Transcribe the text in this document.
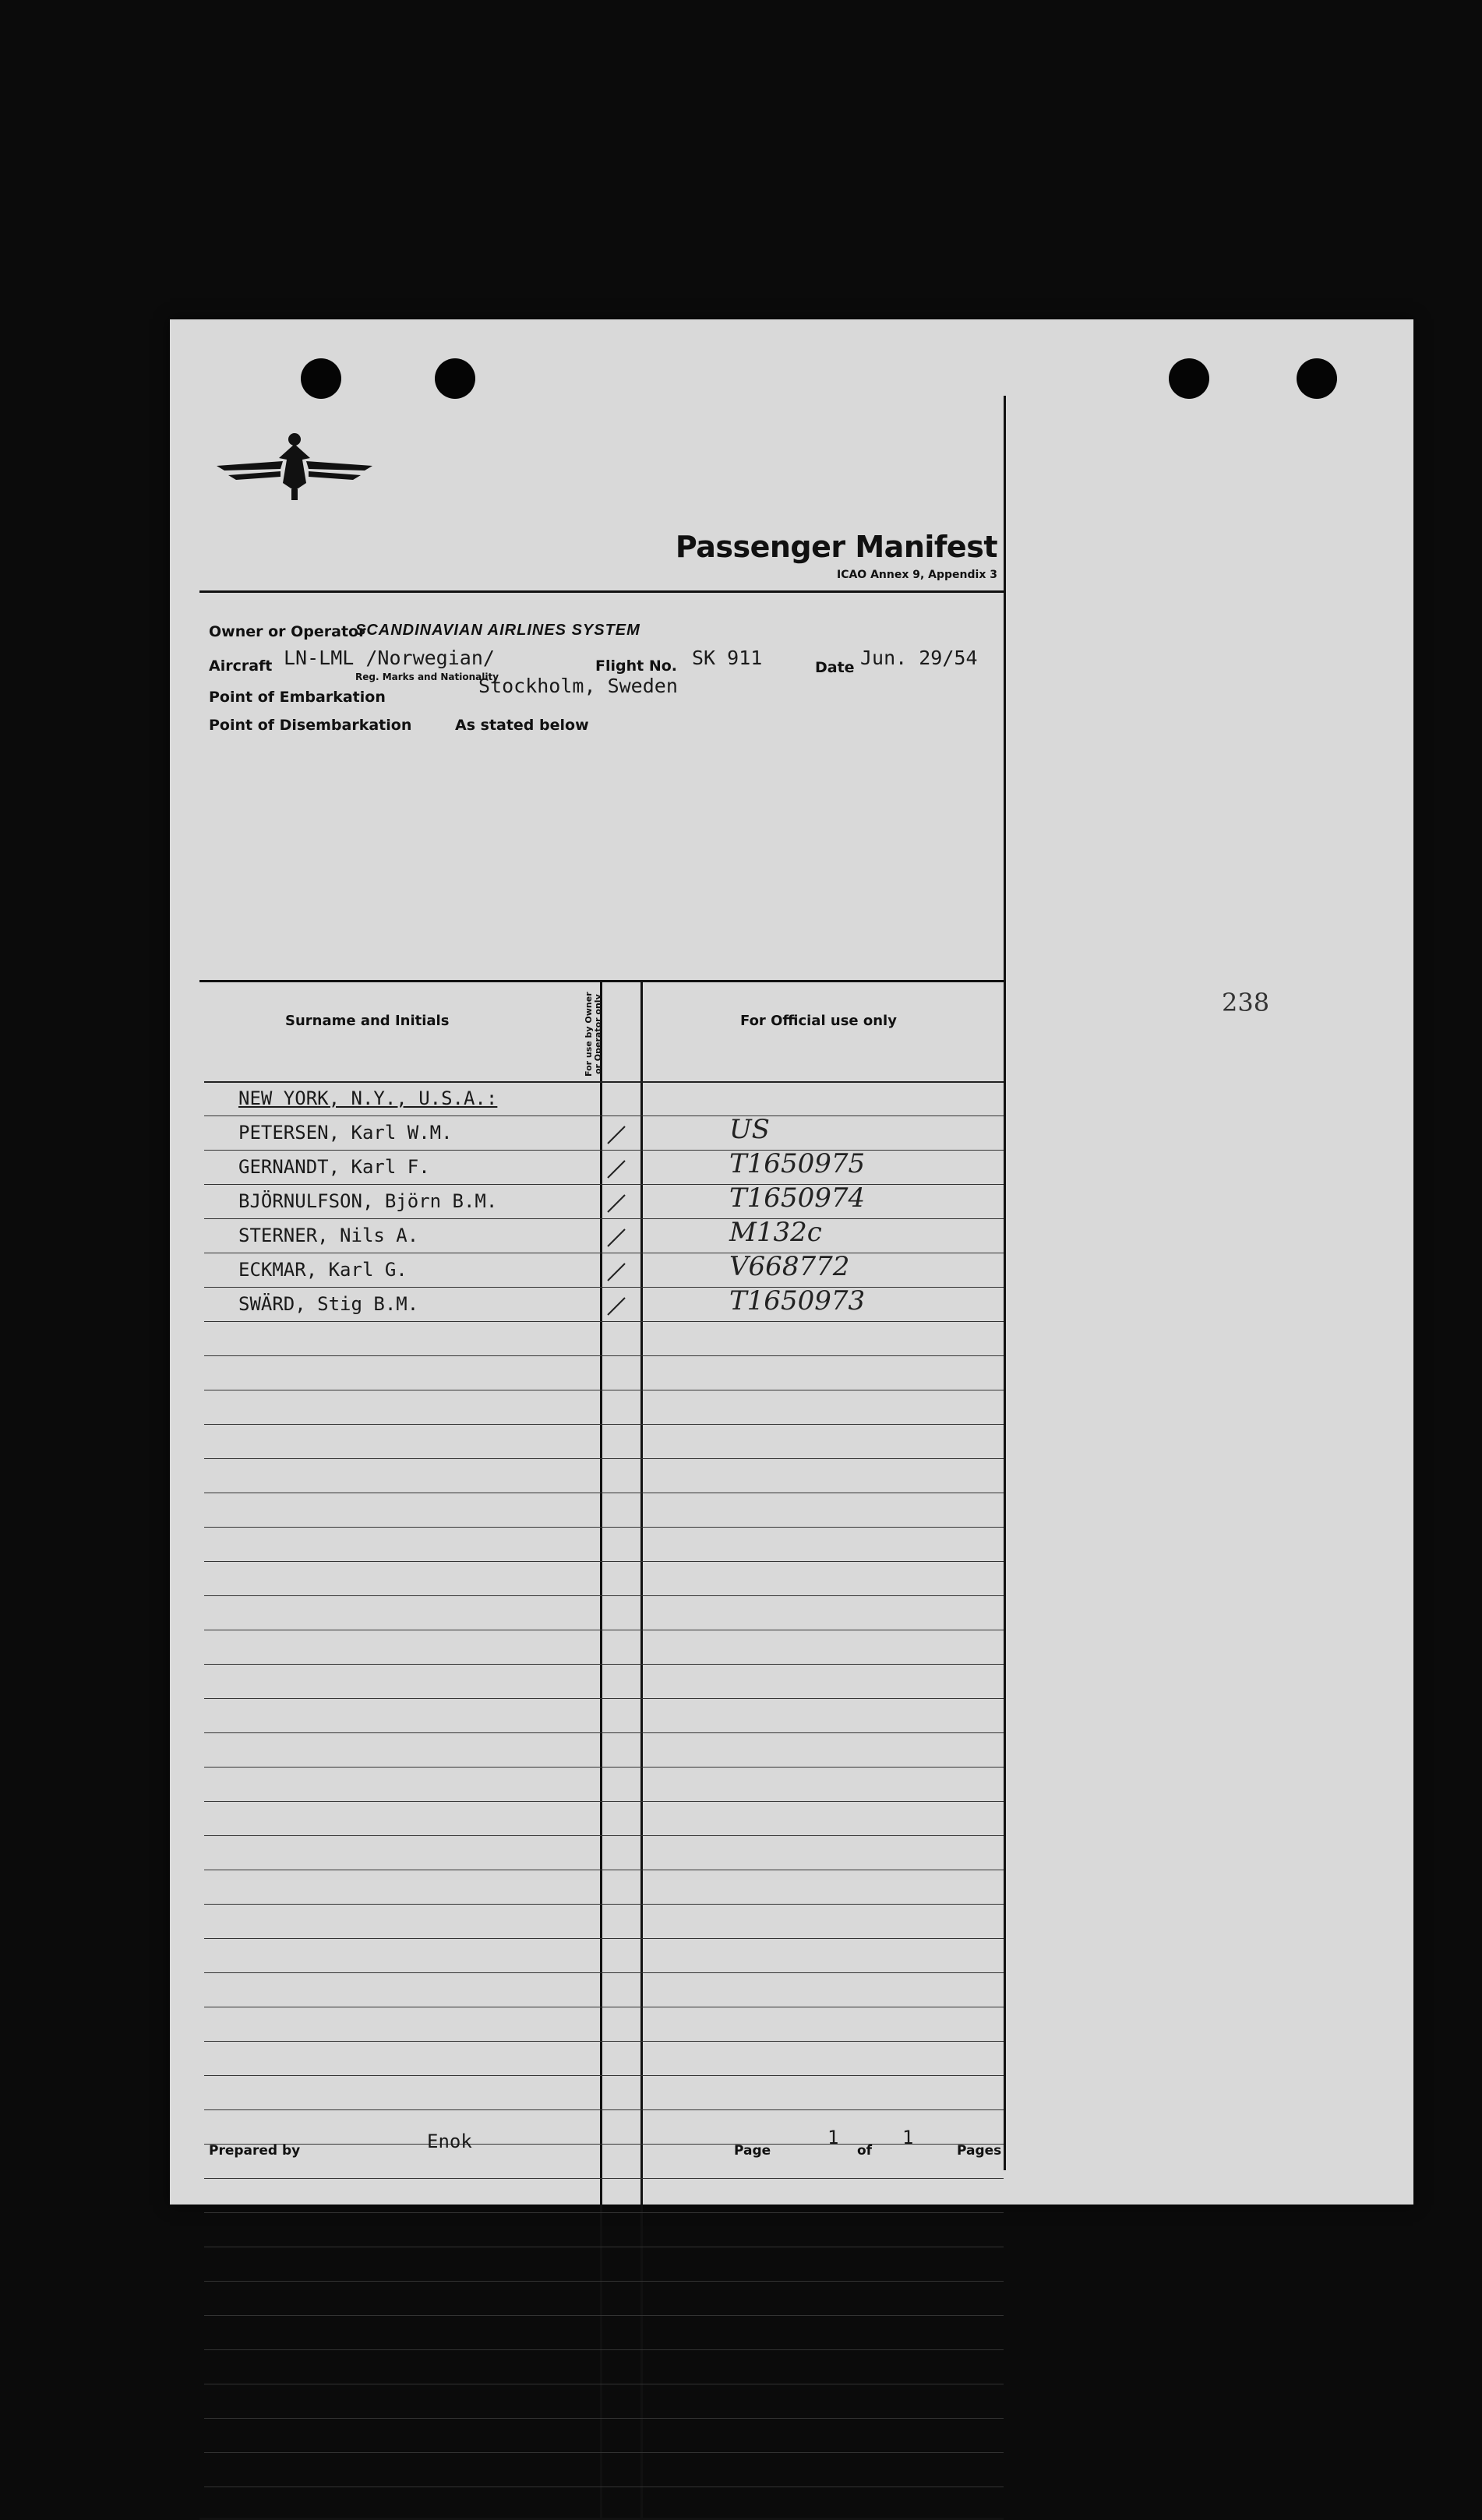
Passenger Manifest
ICAO Annex 9, Appendix 3
Owner or Operator
SCANDINAVIAN AIRLINES SYSTEM
Aircraft LN-LML /Norwegian/
Reg. Marks and Nationality
Flight No. SK 911	Date Jun. 29/54
Point of Embarkation	Stockholm, Sweden
Point of Disembarkation	As stated below
Surname and Initials	For use by Owner or Operator only	For Official use only
NEW YORK, N.Y., U.S.A.:
PETERSEN, Karl W.M.	US
GERNANDT, Karl F.	T1650975
BJÖRNULFSON, Björn B.M.	T1650974
STERNER, Nils A.	M132c
ECKMAR, Karl G.	V668772
SWÄRD, Stig B.M.	T1650973
Prepared by	Enok	Page
1
of
1
Pages
238
